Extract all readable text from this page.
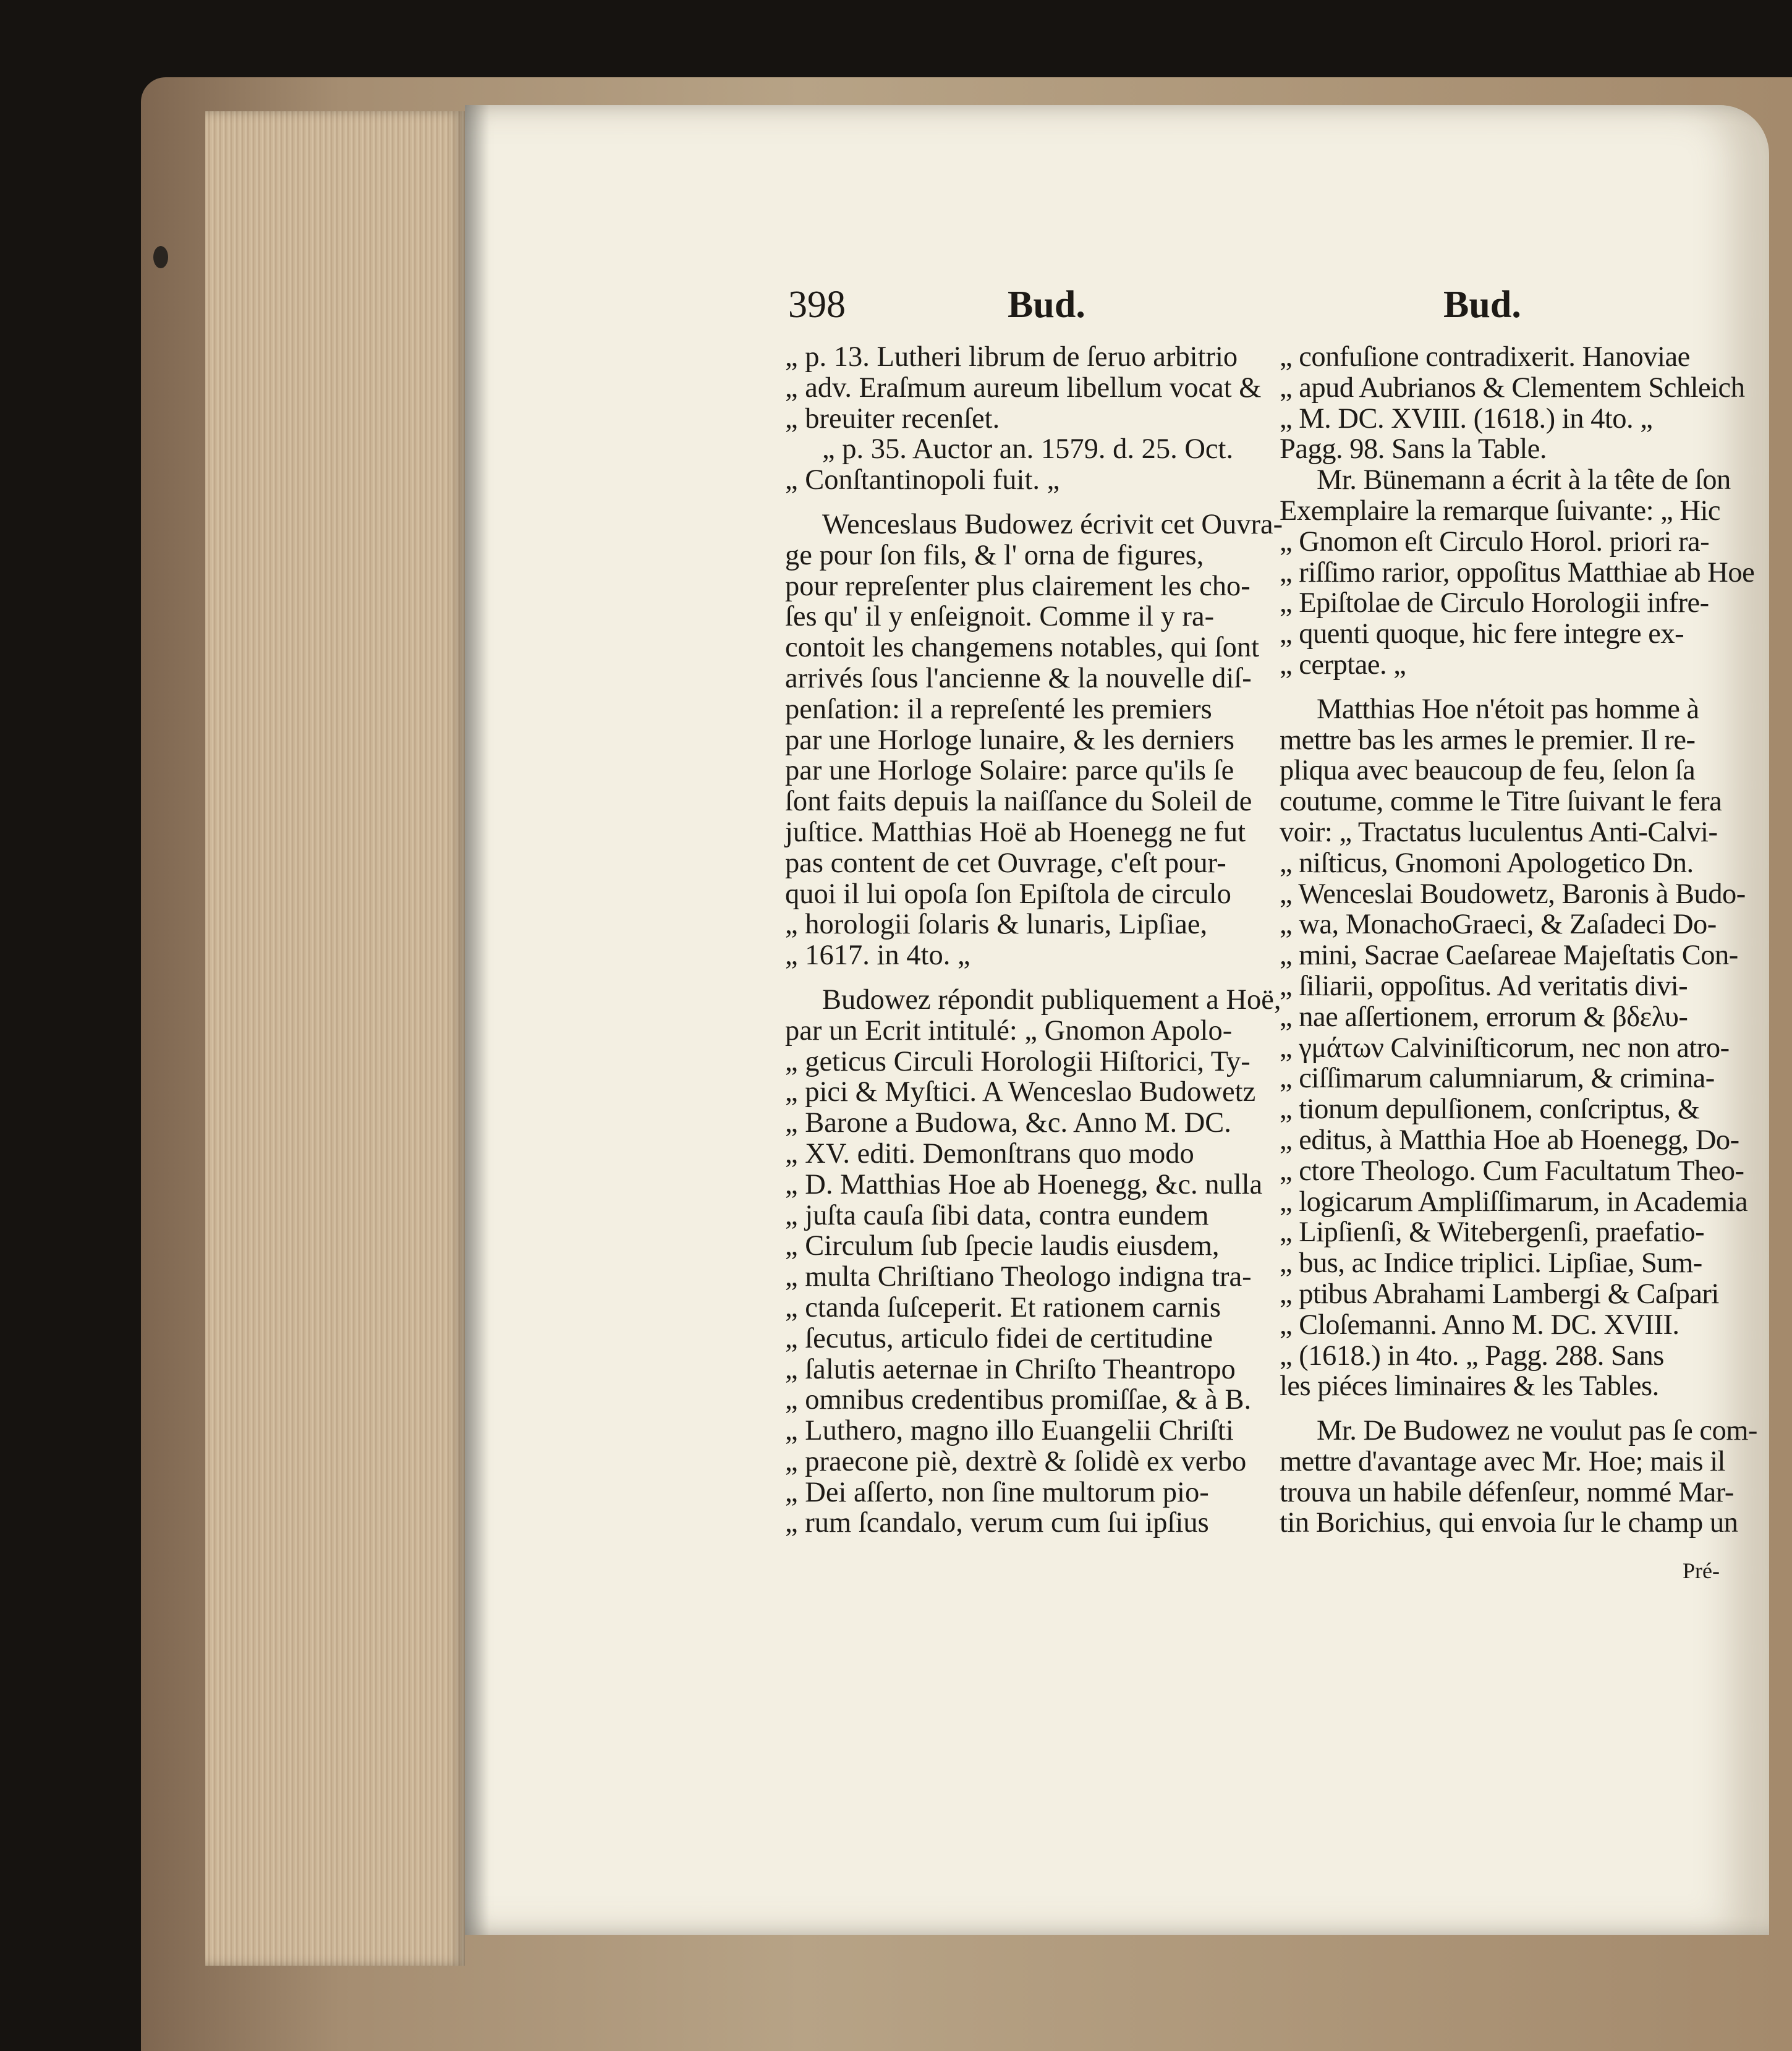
398	Bud.	Bud.

„ p. 13. Lutheri librum de ſeruo arbitrio

„ adv. Eraſmum aureum libellum vocat &

„ breuiter recenſet.

„ p. 35. Auctor an. 1579. d. 25. Oct.

„ Conſtantinopoli fuit. „

Wenceslaus Budowez écrivit cet Ouvra-

ge pour ſon fils, & l' orna de figures,

pour repreſenter plus clairement les cho-

ſes qu' il y enſeignoit. Comme il y ra-

contoit les changemens notables, qui ſont

arrivés ſous l'ancienne & la nouvelle diſ-

penſation: il a repreſenté les premiers

par une Horloge lunaire, & les derniers

par une Horloge Solaire: parce qu'ils ſe

ſont faits depuis la naiſſance du Soleil de

juſtice. Matthias Hoë ab Hoenegg ne fut

pas content de cet Ouvrage, c'eſt pour-

quoi il lui opoſa ſon Epiſtola de circulo

„ horologii ſolaris & lunaris, Lipſiae,

„ 1617. in 4to. „

Budowez répondit publiquement a Hoë,

par un Ecrit intitulé: „ Gnomon Apolo-

„ geticus Circuli Horologii Hiſtorici, Ty-

„ pici & Myſtici. A Wenceslao Budowetz

„ Barone a Budowa, &c. Anno M. DC.

„ XV. editi. Demonſtrans quo modo

„ D. Matthias Hoe ab Hoenegg, &c. nulla

„ juſta cauſa ſibi data, contra eundem

„ Circulum ſub ſpecie laudis eiusdem,

„ multa Chriſtiano Theologo indigna tra-

„ ctanda ſuſceperit. Et rationem carnis

„ ſecutus, articulo fidei de certitudine

„ ſalutis aeternae in Chriſto Theantropo

„ omnibus credentibus promiſſae, & à B.

„ Luthero, magno illo Euangelii Chriſti

„ praecone piè, dextrè & ſolidè ex verbo

„ Dei aſſerto, non ſine multorum pio-

„ rum ſcandalo, verum cum ſui ipſius

„ confuſione contradixerit. Hanoviae

„ apud Aubrianos & Clementem Schleich

„ M. DC. XVIII. (1618.) in 4to. „

Pagg. 98. Sans la Table.

Mr. Bünemann a écrit à la tête de ſon

Exemplaire la remarque ſuivante: „ Hic

„ Gnomon eſt Circulo Horol. priori ra-

„ riſſimo rarior, oppoſitus Matthiae ab Hoe

„ Epiſtolae de Circulo Horologii infre-

„ quenti quoque, hic fere integre ex-

„ cerptae. „

Matthias Hoe n'étoit pas homme à

mettre bas les armes le premier. Il re-

pliqua avec beaucoup de feu, ſelon ſa

coutume, comme le Titre ſuivant le fera

voir: „ Tractatus luculentus Anti-Calvi-

„ niſticus, Gnomoni Apologetico Dn.

„ Wenceslai Boudowetz, Baronis à Budo-

„ wa, MonachoGraeci, & Zaſadeci Do-

„ mini, Sacrae Caeſareae Majeſtatis Con-

„ ſiliarii, oppoſitus. Ad veritatis divi-

„ nae aſſertionem, errorum & βδελυ-

„ γμάτων Calviniſticorum, nec non atro-

„ ciſſimarum calumniarum, & crimina-

„ tionum depulſionem, conſcriptus, &

„ editus, à Matthia Hoe ab Hoenegg, Do-

„ ctore Theologo. Cum Facultatum Theo-

„ logicarum Ampliſſimarum, in Academia

„ Lipſienſi, & Witebergenſi, praefatio-

„ bus, ac Indice triplici. Lipſiae, Sum-

„ ptibus Abrahami Lambergi & Caſpari

„ Cloſemanni. Anno M. DC. XVIII.

„ (1618.) in 4to. „ Pagg. 288. Sans

les piéces liminaires & les Tables.

Mr. De Budowez ne voulut pas ſe com-

mettre d'avantage avec Mr. Hoe; mais il

trouva un habile défenſeur, nommé Mar-

tin Borichius, qui envoia ſur le champ un

Pré-
